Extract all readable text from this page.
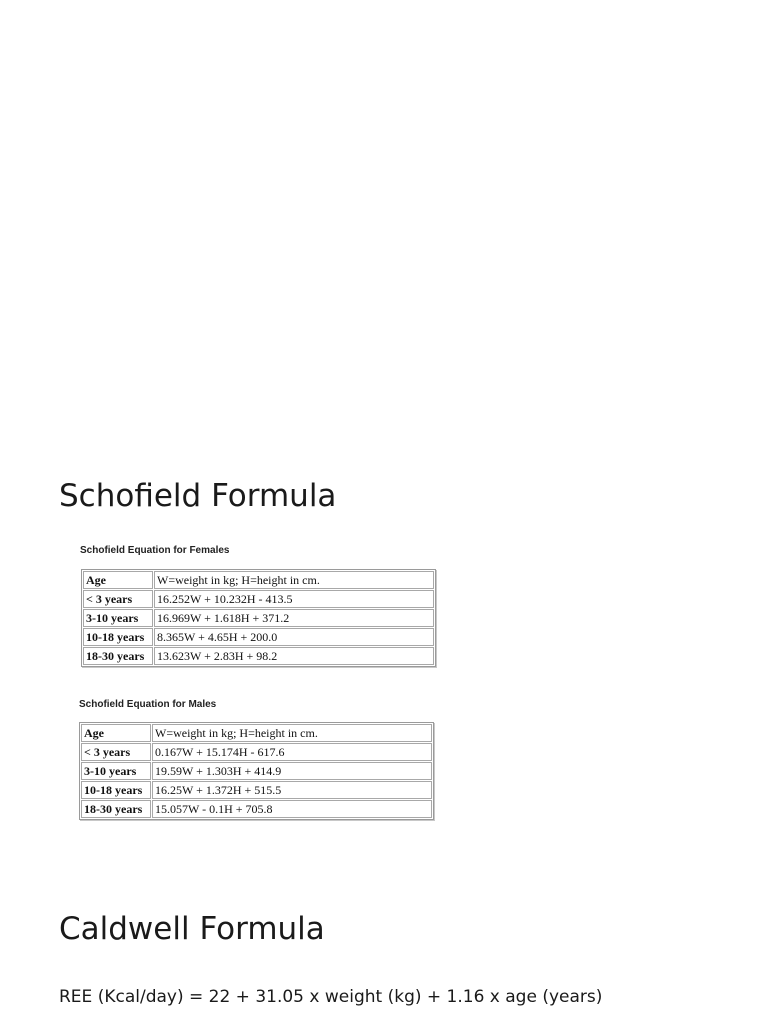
Schofield Formula
Schofield Equation for Females
Age	W=weight in kg; H=height in cm.
< 3 years	16.252W + 10.232H - 413.5
3-10 years	16.969W + 1.618H + 371.2
10-18 years	8.365W + 4.65H + 200.0
18-30 years	13.623W + 2.83H + 98.2
Schofield Equation for Males
Age	W=weight in kg; H=height in cm.
< 3 years	0.167W + 15.174H - 617.6
3-10 years	19.59W + 1.303H + 414.9
10-18 years	16.25W + 1.372H + 515.5
18-30 years	15.057W - 0.1H + 705.8
Caldwell Formula

REE (Kcal/day) = 22 + 31.05 x weight (kg) + 1.16 x age (years)
